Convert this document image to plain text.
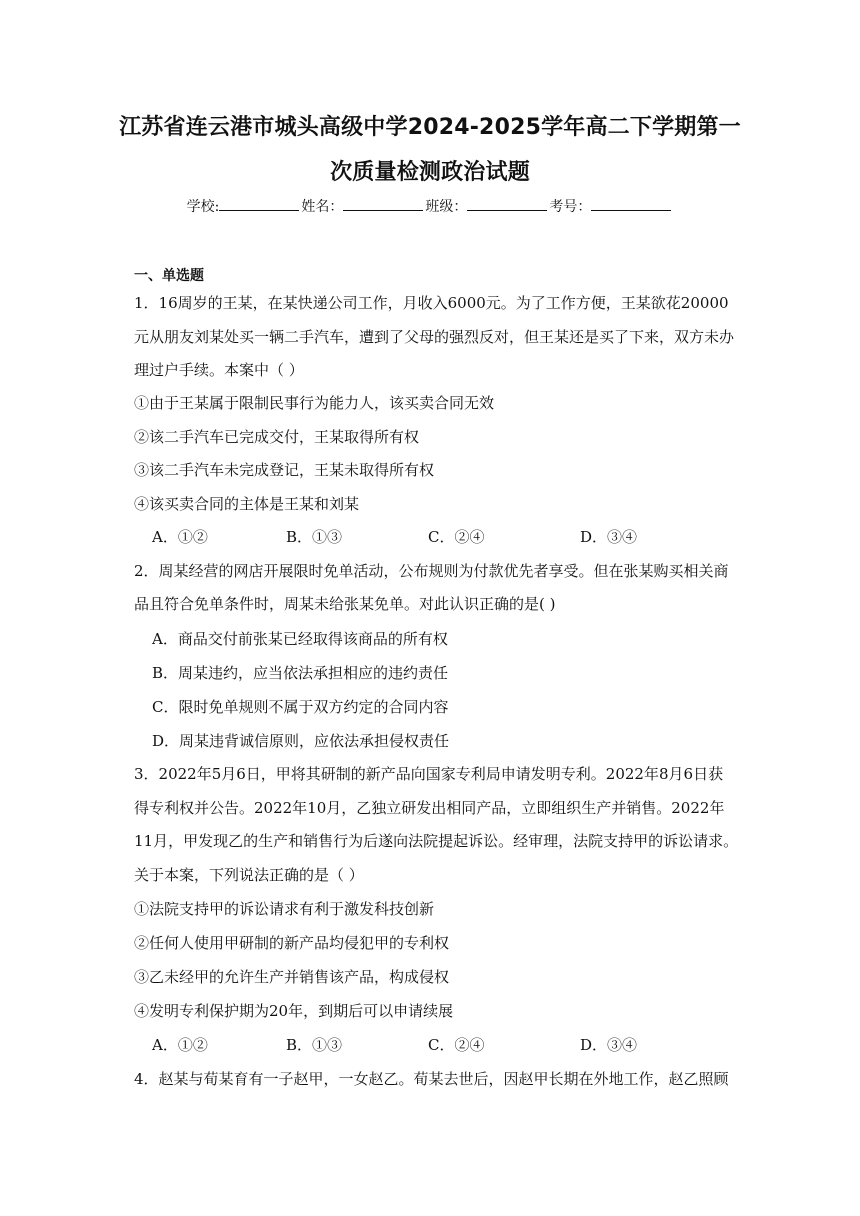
江苏省连云港市城头高级中学2024-2025学年高二下学期第一
次质量检测政治试题
学校:	姓名：	班级：	考号：
一、单选题
1．16周岁的王某，在某快递公司工作，月收入6000元。为了工作方便，王某欲花20000
元从朋友刘某处买一辆二手汽车，遭到了父母的强烈反对，但王某还是买了下来，双方未办
理过户手续。本案中（ ）
①由于王某属于限制民事行为能力人，该买卖合同无效
②该二手汽车已完成交付，王某取得所有权
③该二手汽车未完成登记，王某未取得所有权
④该买卖合同的主体是王某和刘某
A．①②	B．①③	C．②④	D．③④
2．周某经营的网店开展限时免单活动，公布规则为付款优先者享受。但在张某购买相关商
品且符合免单条件时，周某未给张某免单。对此认识正确的是( )
A．商品交付前张某已经取得该商品的所有权
B．周某违约，应当依法承担相应的违约责任
C．限时免单规则不属于双方约定的合同内容
D．周某违背诚信原则，应依法承担侵权责任
3．2022年5月6日，甲将其研制的新产品向国家专利局申请发明专利。2022年8月6日获
得专利权并公告。2022年10月，乙独立研发出相同产品，立即组织生产并销售。2022年
11月，甲发现乙的生产和销售行为后遂向法院提起诉讼。经审理，法院支持甲的诉讼请求。
关于本案，下列说法正确的是（ ）
①法院支持甲的诉讼请求有利于激发科技创新
②任何人使用甲研制的新产品均侵犯甲的专利权
③乙未经甲的允许生产并销售该产品，构成侵权
④发明专利保护期为20年，到期后可以申请续展
A．①②	B．①③	C．②④	D．③④
4．赵某与荀某育有一子赵甲，一女赵乙。荀某去世后，因赵甲长期在外地工作，赵乙照顾
